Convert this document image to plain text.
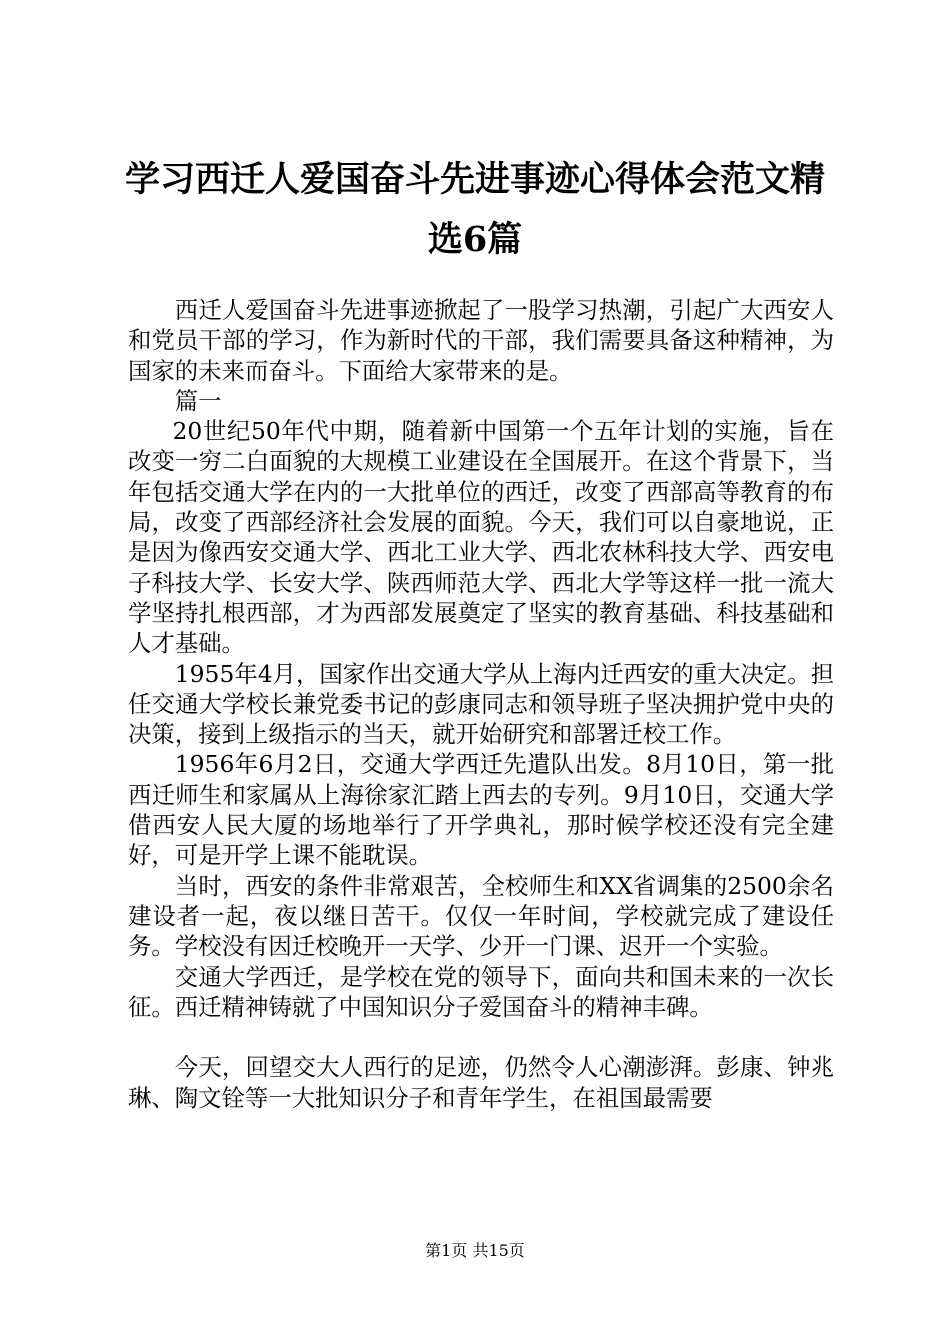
学习西迁人爱国奋斗先进事迹心得体会范文精
选6篇

西迁人爱国奋斗先进事迹掀起了一股学习热潮，引起广大西安人和党员干部的学习，作为新时代的干部，我们需要具备这种精神，为国家的未来而奋斗。下面给大家带来的是。

篇一

20世纪50年代中期，随着新中国第一个五年计划的实施，旨在改变一穷二白面貌的大规模工业建设在全国展开。在这个背景下，当年包括交通大学在内的一大批单位的西迁，改变了西部高等教育的布局，改变了西部经济社会发展的面貌。今天，我们可以自豪地说，正是因为像西安交通大学、西北工业大学、西北农林科技大学、西安电子科技大学、长安大学、陕西师范大学、西北大学等这样一批一流大学坚持扎根西部，才为西部发展奠定了坚实的教育基础、科技基础和人才基础。

1955年4月，国家作出交通大学从上海内迁西安的重大决定。担任交通大学校长兼党委书记的彭康同志和领导班子坚决拥护党中央的决策，接到上级指示的当天，就开始研究和部署迁校工作。

1956年6月2日，交通大学西迁先遣队出发。8月10日，第一批西迁师生和家属从上海徐家汇踏上西去的专列。9月10日，交通大学借西安人民大厦的场地举行了开学典礼，那时候学校还没有完全建好，可是开学上课不能耽误。

当时，西安的条件非常艰苦，全校师生和XX省调集的2500余名建设者一起，夜以继日苦干。仅仅一年时间，学校就完成了建设任务。学校没有因迁校晚开一天学、少开一门课、迟开一个实验。

交通大学西迁，是学校在党的领导下，面向共和国未来的一次长征。西迁精神铸就了中国知识分子爱国奋斗的精神丰碑。

今天，回望交大人西行的足迹，仍然令人心潮澎湃。彭康、钟兆琳、陶文铨等一大批知识分子和青年学生，在祖国最需要

第1页 共15页
